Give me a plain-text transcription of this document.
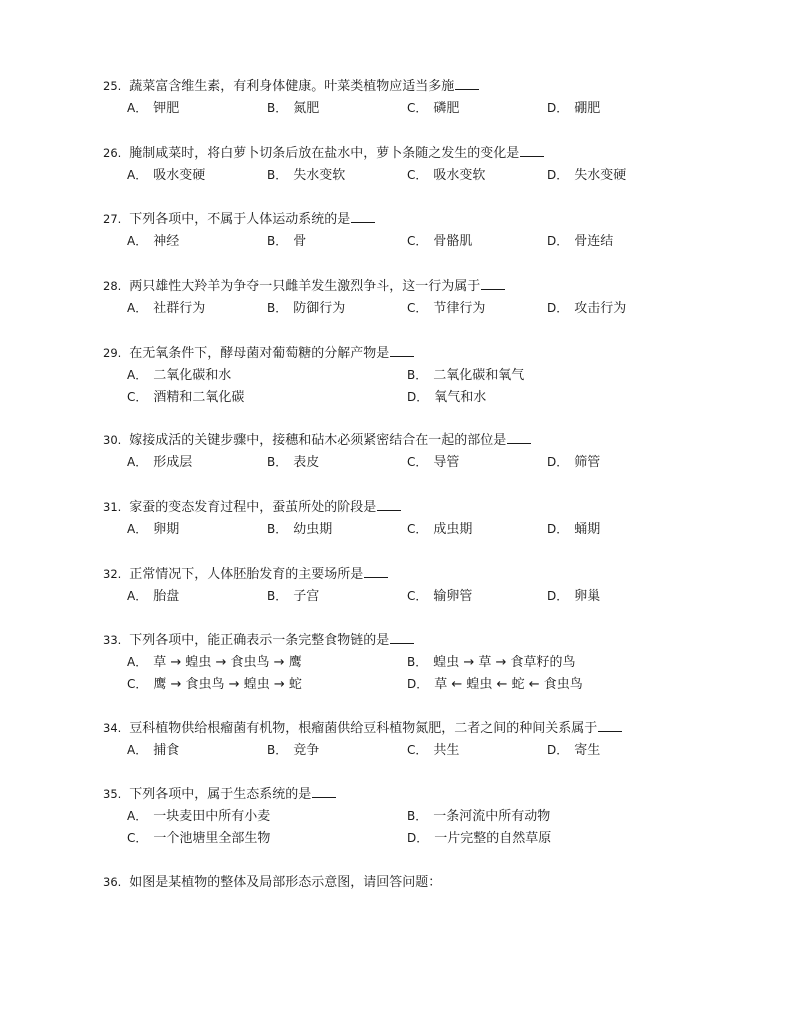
25. 蔬菜富含维生素，有利身体健康。叶菜类植物应适当多施
A． 钾肥	B． 氮肥	C． 磷肥	D． 硼肥
26. 腌制咸菜时，将白萝卜切条后放在盐水中，萝卜条随之发生的变化是
A． 吸水变硬	B． 失水变软	C． 吸水变软	D． 失水变硬
27. 下列各项中，不属于人体运动系统的是
A． 神经	B． 骨	C． 骨骼肌	D． 骨连结
28. 两只雄性大羚羊为争夺一只雌羊发生激烈争斗，这一行为属于
A． 社群行为	B． 防御行为	C． 节律行为	D． 攻击行为
29. 在无氧条件下，酵母菌对葡萄糖的分解产物是
A． 二氧化碳和水	B． 二氧化碳和氧气
C． 酒精和二氧化碳	D． 氧气和水
30. 嫁接成活的关键步骤中，接穗和砧木必须紧密结合在一起的部位是
A． 形成层	B． 表皮	C． 导管	D． 筛管
31. 家蚕的变态发育过程中，蚕茧所处的阶段是
A． 卵期	B． 幼虫期	C． 成虫期	D． 蛹期
32. 正常情况下，人体胚胎发育的主要场所是
A． 胎盘	B． 子宫	C． 输卵管	D． 卵巢
33. 下列各项中，能正确表示一条完整食物链的是
A． 草 → 蝗虫 → 食虫鸟 → 鹰	B． 蝗虫 → 草 → 食草籽的鸟
C． 鹰 → 食虫鸟 → 蝗虫 → 蛇	D． 草 ← 蝗虫 ← 蛇 ← 食虫鸟
34. 豆科植物供给根瘤菌有机物，根瘤菌供给豆科植物氮肥，二者之间的种间关系属于
A． 捕食	B． 竞争	C． 共生	D． 寄生
35. 下列各项中，属于生态系统的是
A． 一块麦田中所有小麦	B． 一条河流中所有动物
C． 一个池塘里全部生物	D． 一片完整的自然草原
36. 如图是某植物的整体及局部形态示意图，请回答问题：
